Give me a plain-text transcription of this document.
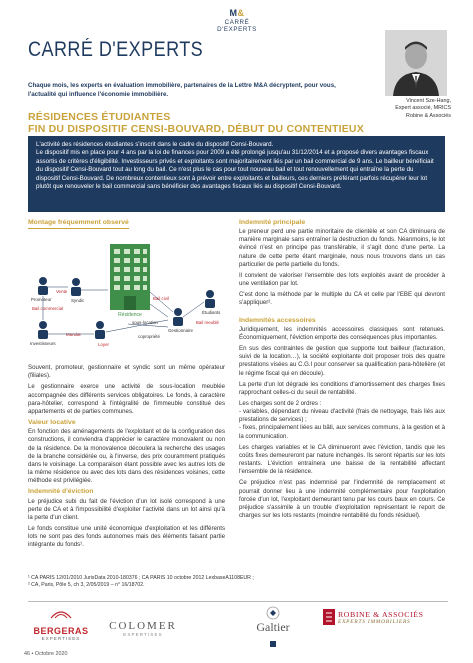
M&
CARRÉ D'EXPERTS
CARRÉ D'EXPERTS
Vincent Sze-Hang,
Expert associé, MRICS
Robine & Associés
Chaque mois, les experts en évaluation immobilière, partenaires de la Lettre M&A décryptent, pour vous, l'actualité qui influence l'économie immobilière.
RÉSIDENCES ÉTUDIANTES
FIN DU DISPOSITIF CENSI-BOUVARD, DÉBUT DU CONTENTIEUX

L'activité des résidences étudiantes s'inscrit dans le cadre du dispositif Censi-Bouvard.

Le dispositif mis en place pour 4 ans par la loi de finances pour 2009 a été prolongé jusqu'au 31/12/2014 et a proposé divers avantages fiscaux assortis de critères d'éligibilité. Investisseurs privés et exploitants sont majoritairement liés par un bail commercial de 9 ans. Le bailleur bénéficiait du dispositif Censi-Bouvard tout au long du bail. Ce n'est plus le cas pour tout nouveau bail et tout renouvellement qui entraîne la perte du dispositif Censi-Bouvard. De nombreux contentieux sont à prévoir entre exploitants et bailleurs, ces derniers préférant parfois récupérer leur lot plutôt que renouveler le bail commercial sans bénéficier des avantages fiscaux liés au dispositif Censi-Bouvard.

Montage fréquemment observé
Résidence
Promoteur
Vente
Syndic
Gestionnaire
Bail commercial
Investisseurs
Mandat
Étudiants
Loyer
Bail civil
Bail meublé
sous-location
copropriété
Souvent, promoteur, gestionnaire et syndic sont un même opérateur (filiales).
Le gestionnaire exerce une activité de sous-location meublée accompagnée des différents services obligatoires. Le fonds, à caractère para-hôtelier, correspond à l'intégralité de l'immeuble constitué des appartements et de parties communes.
Valeur locative
En fonction des aménagements de l'exploitant et de la configuration des constructions, il conviendra d'apprécier le caractère monovalent ou non de la résidence. De la monovalence découlera la recherche des usages de la branche considérée ou, à l'inverse, des prix couramment pratiqués dans le voisinage. La comparaison étant possible avec les autres lots de la même résidence ou avec des lots dans des résidences voisines, cette méthode est privilégiée.
Indemnité d'éviction
Le préjudice subi du fait de l'éviction d'un lot isolé correspond à une perte de CA et à l'impossibilité d'exploiter l'activité dans un lot ainsi qu'à la perte d'un client.
Le fonds constitue une unité économique d'exploitation et les différents lots ne sont pas des fonds autonomes mais des éléments faisant partie intégrante du fonds¹.
Indemnité principale
Le preneur perd une partie minoritaire de clientèle et son CA diminuera de manière marginale sans entraîner la destruction du fonds. Néanmoins, le lot évincé n'est en principe pas transférable, il s'agit donc d'une perte. La nature de cette perte étant marginale, nous nous trouvons dans un cas particulier de perte partielle du fonds.
Il convient de valoriser l'ensemble des lots exploités avant de procéder à une ventilation par lot.
C'est donc la méthode par le multiple du CA et celle par l'EBE qui devront s'appliquer².
Indemnités accessoires
Juridiquement, les indemnités accessoires classiques sont retenues. Économiquement, l'éviction emporte des conséquences plus importantes.
En sus des contraintes de gestion que supporte tout bailleur (facturation, suivi de la location…), la société exploitante doit proposer trois des quatre prestations visées au C.G.I pour conserver sa qualification para-hôtelière (et le régime fiscal qui en découle).
La perte d'un lot dégrade les conditions d'amortissement des charges fixes rapprochant celles-ci du seuil de rentabilité.
Les charges sont de 2 ordres :
- variables, dépendant du niveau d'activité (frais de nettoyage, frais liés aux prestations de services) ;
- fixes, principalement liées au bâti, aux services communs, à la gestion et à la communication.
Les charges variables et le CA diminueront avec l'éviction, tandis que les coûts fixes demeureront par nature inchangés. Ils seront répartis sur les lots restants. L'éviction entraînera une baisse de la rentabilité affectant l'ensemble de la résidence.
Ce préjudice n'est pas indemnisé par l'indemnité de remplacement et pourrait donner lieu à une indemnité complémentaire pour l'exploitation forcée d'un lot, l'exploitant demeurant tenu par les cours baux en cours. Ce préjudice s'assimile à un trouble d'exploitation représentant le report de charges sur les lots restants (moindre rentabilité du fonds résiduel).
¹ CA PARIS 12/01/2010 JurisData 2010-180376 ; CA PARIS 10 octobre 2012 LexbaseA1108EUR ;
² CA, Paris, Pôle 5, ch 3, 2/05/2019 – n° 16/18702.
BERGERAS
EXPERTISES
COLOMER
EXPERTISES
Galtier
ROBINE & ASSOCIÉS
EXPERTS IMMOBILIERS
46 • Octobre 2020
